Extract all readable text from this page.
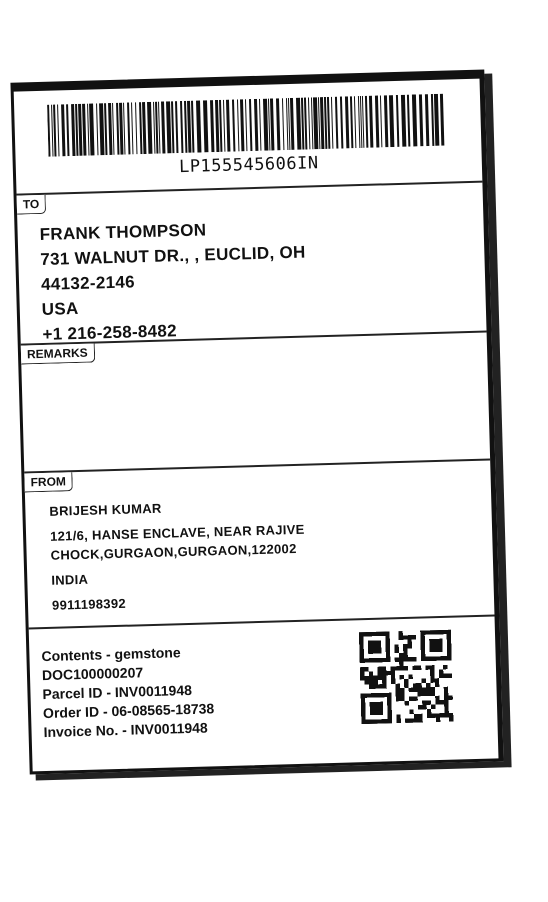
LP155545606IN
TO
FRANK THOMPSON
731 WALNUT DR., , EUCLID, OH
44132-2146
USA
+1 216-258-8482
REMARKS
FROM
BRIJESH KUMAR
121/6, HANSE ENCLAVE, NEAR RAJIVE
CHOCK,GURGAON,GURGAON,122002
INDIA
9911198392
Contents - gemstone
DOC100000207
Parcel ID - INV0011948
Order ID - 06-08565-18738
Invoice No. - INV0011948
